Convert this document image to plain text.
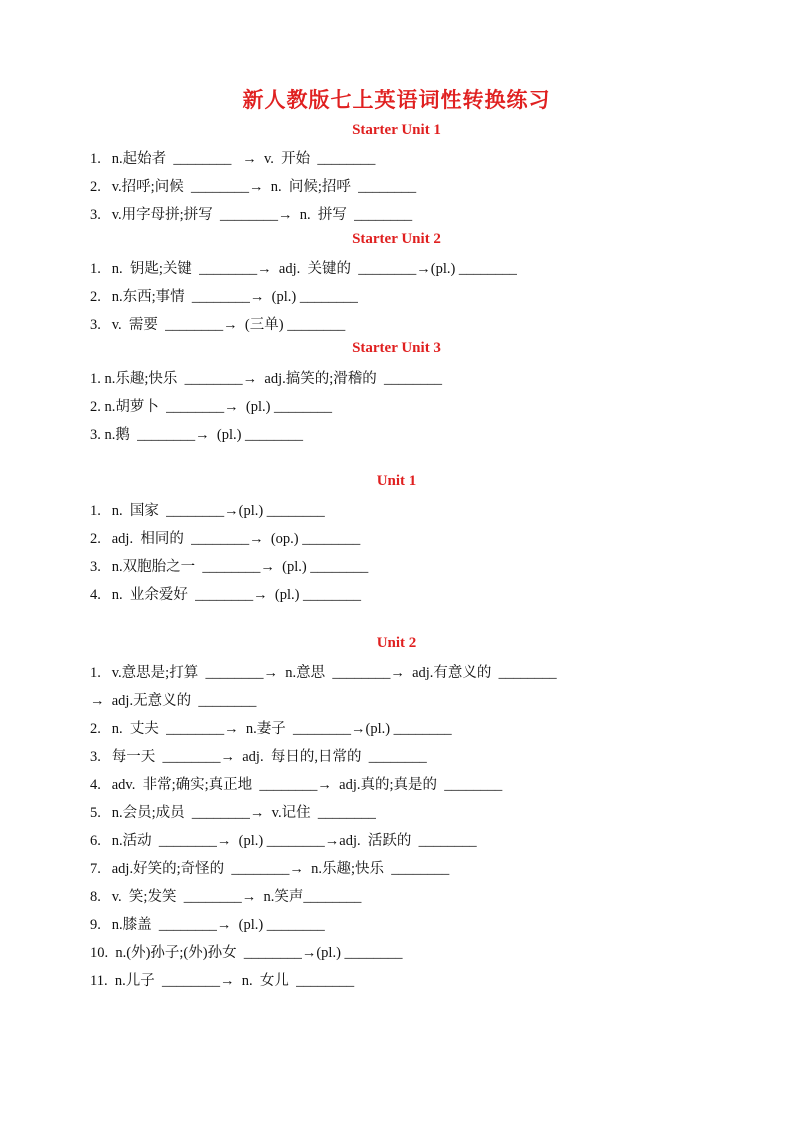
新人教版七上英语词性转换练习
Starter Unit 1
1.   n.起始者  ________   →  v.  开始  ________
2.   v.招呼;问候  ________→  n.  问候;招呼  ________
3.   v.用字母拼;拼写  ________→  n.  拼写  ________
Starter Unit 2
1.   n.  钥匙;关键  ________→  adj.  关键的  ________→(pl.) ________
2.   n.东西;事情  ________→  (pl.) ________
3.   v.  需要  ________→  (三单) ________
Starter Unit 3
1. n.乐趣;快乐  ________→  adj.搞笑的;滑稽的  ________
2. n.胡萝卜  ________→  (pl.) ________
3. n.鹅  ________→  (pl.) ________
Unit 1
1.   n.  国家  ________→(pl.) ________
2.   adj.  相同的  ________→  (op.) ________
3.   n.双胞胎之一  ________→  (pl.) ________
4.   n.  业余爱好  ________→  (pl.) ________
Unit 2
1.   v.意思是;打算  ________→  n.意思  ________→  adj.有意义的  ________
→  adj.无意义的  ________
2.   n.  丈夫  ________→  n.妻子  ________→(pl.) ________
3.   每一天  ________→  adj.  每日的,日常的  ________
4.   adv.  非常;确实;真正地  ________→  adj.真的;真是的  ________
5.   n.会员;成员  ________→  v.记住  ________
6.   n.活动  ________→  (pl.) ________→adj.  活跃的  ________
7.   adj.好笑的;奇怪的  ________→  n.乐趣;快乐  ________
8.   v.  笑;发笑  ________→  n.笑声________
9.   n.膝盖  ________→  (pl.) ________
10.  n.(外)孙子;(外)孙女  ________→(pl.) ________
11.  n.儿子  ________→  n.  女儿  ________
